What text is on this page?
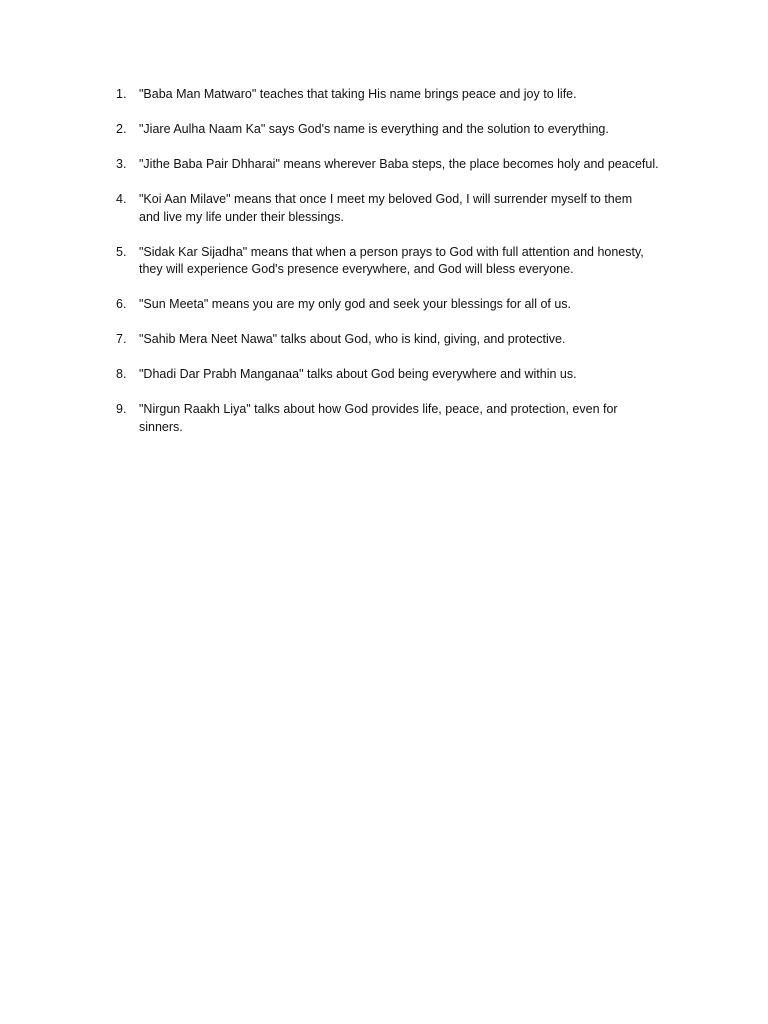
1.	"Baba Man Matwaro" teaches that taking His name brings peace and joy to life.
2.	"Jiare Aulha Naam Ka" says God's name is everything and the solution to everything.
3.	"Jithe Baba Pair Dhharai" means wherever Baba steps, the place becomes holy and peaceful.
4.	"Koi Aan Milave" means that once I meet my beloved God, I will surrender myself to them
and live my life under their blessings.
5.	"Sidak Kar Sijadha" means that when a person prays to God with full attention and honesty,
they will experience God's presence everywhere, and God will bless everyone.
6.	"Sun Meeta" means you are my only god and seek your blessings for all of us.
7.	"Sahib Mera Neet Nawa" talks about God, who is kind, giving, and protective.
8.	"Dhadi Dar Prabh Manganaa" talks about God being everywhere and within us.
9.	"Nirgun Raakh Liya" talks about how God provides life, peace, and protection, even for
sinners.
